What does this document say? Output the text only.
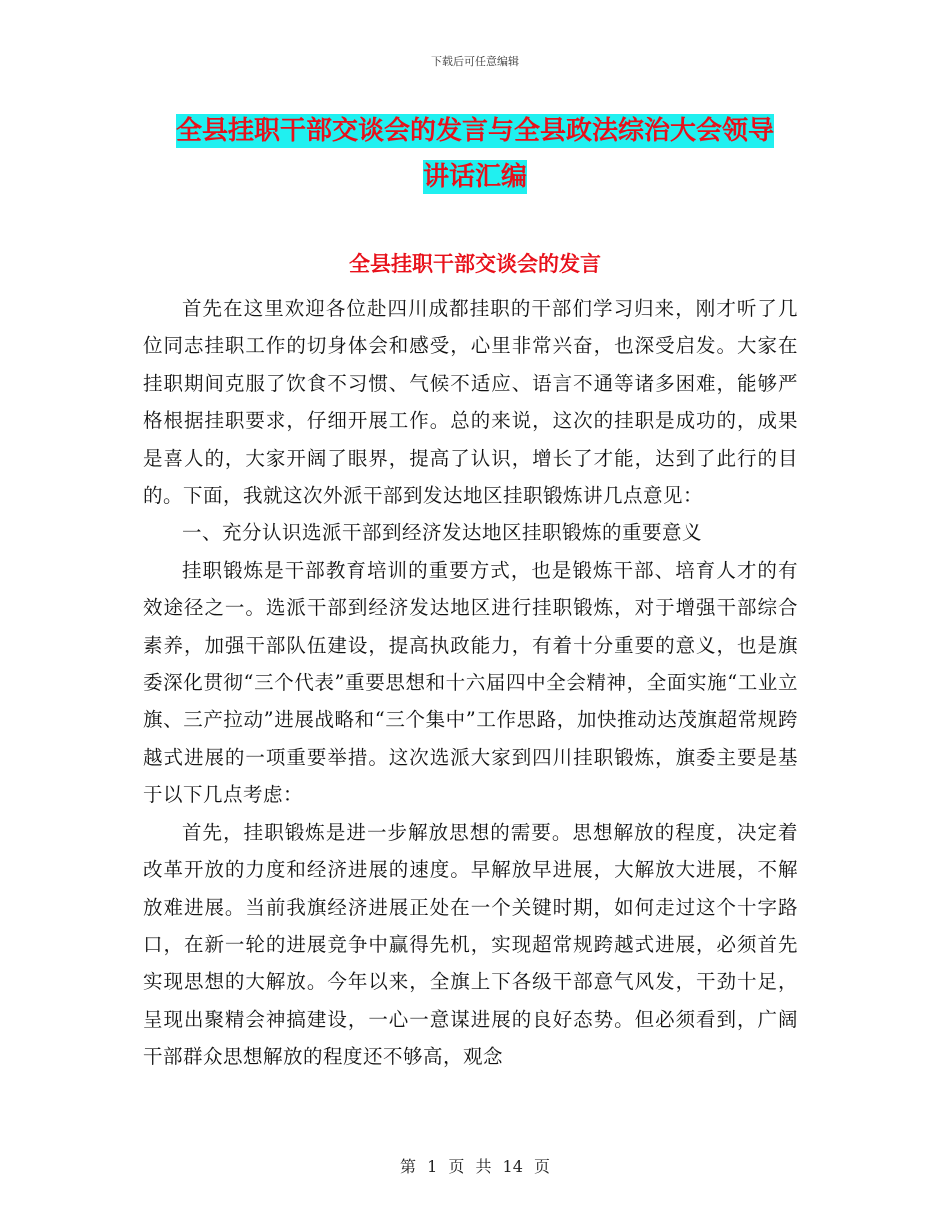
下载后可任意编辑
全县挂职干部交谈会的发言与全县政法综治大会领导
讲话汇编
全县挂职干部交谈会的发言

首先在这里欢迎各位赴四川成都挂职的干部们学习归来，刚才听了几位同志挂职工作的切身体会和感受，心里非常兴奋，也深受启发。大家在挂职期间克服了饮食不习惯、气候不适应、语言不通等诸多困难，能够严格根据挂职要求，仔细开展工作。总的来说，这次的挂职是成功的，成果是喜人的，大家开阔了眼界，提高了认识，增长了才能，达到了此行的目的。下面，我就这次外派干部到发达地区挂职锻炼讲几点意见：

一、充分认识选派干部到经济发达地区挂职锻炼的重要意义

挂职锻炼是干部教育培训的重要方式，也是锻炼干部、培育人才的有效途径之一。选派干部到经济发达地区进行挂职锻炼，对于增强干部综合素养，加强干部队伍建设，提高执政能力，有着十分重要的意义，也是旗委深化贯彻“三个代表”重要思想和十六届四中全会精神，全面实施“工业立旗、三产拉动”进展战略和“三个集中”工作思路，加快推动达茂旗超常规跨越式进展的一项重要举措。这次选派大家到四川挂职锻炼，旗委主要是基于以下几点考虑：

首先，挂职锻炼是进一步解放思想的需要。思想解放的程度，决定着改革开放的力度和经济进展的速度。早解放早进展，大解放大进展，不解放难进展。当前我旗经济进展正处在一个关键时期，如何走过这个十字路口，在新一轮的进展竞争中赢得先机，实现超常规跨越式进展，必须首先实现思想的大解放。今年以来，全旗上下各级干部意气风发，干劲十足，呈现出聚精会神搞建设，一心一意谋进展的良好态势。但必须看到，广阔干部群众思想解放的程度还不够高，观念

第 1 页 共 14 页
